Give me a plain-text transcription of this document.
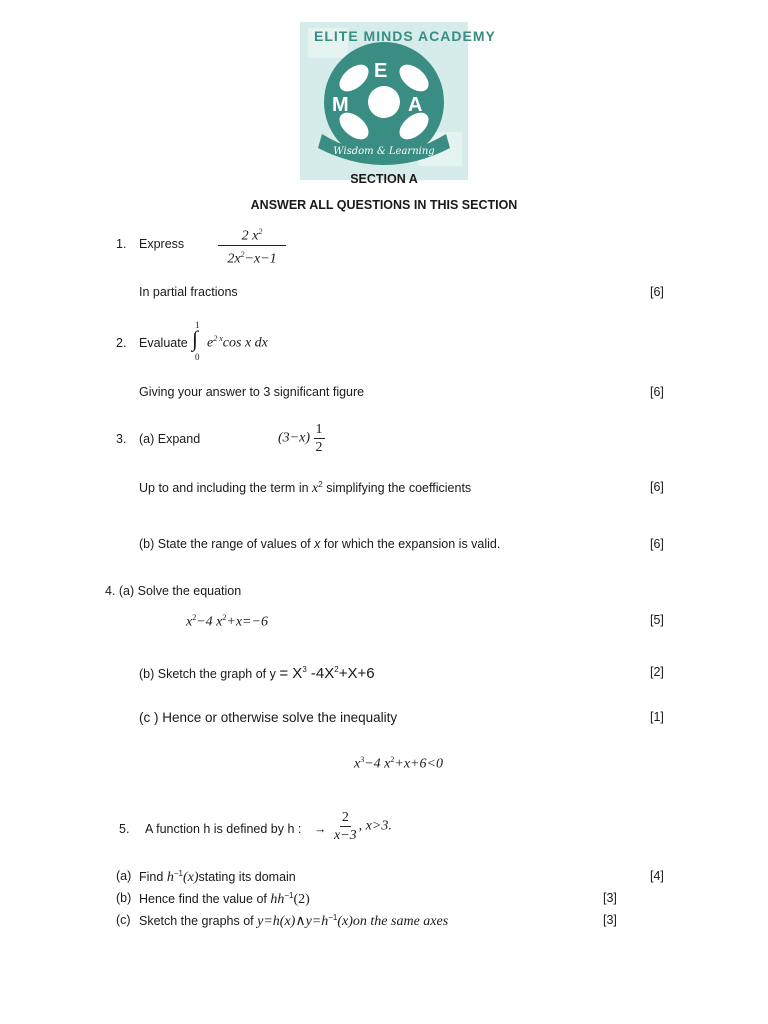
ELITE MINDS ACADEMY
E
M	A
Wisdom & Learning
SECTION A
ANSWER ALL QUESTIONS IN THIS SECTION
1. Express $\frac{2 x^2}{2x^2-x-1}$
In partial fractions	[6]
2. Evaluate
1
∫
0
$e^{2 x}\cos$ x dx
Giving your answer to 3 significant figure	[6]
3. (a) Expand	$(3-x) \frac{1}{2}$
Up to and including the term in $x^2$ simplifying the coefficients	[6]
(b) State the range of values of x for which the expansion is valid.	[6]
4. (a) Solve the equation
$x^2-4$ $x^2+x=-6$	[5]
(b) Sketch the graph of $y = X^3$ $-4X^2+X+6$	[2]
(c ) Hence or otherwise solve the inequality	[1]
$x^3-4$ $x^2+x+6<0$
5. A function h is defined by h : → $\frac{2}{x-3}$ , x>3.
(a) Find $h^{-1}(x)stating$ its domain	[4]
(b) Hence find the value of $hh^{-1}(2)$	[3]
(c) Sketch the graphs of $y=h(x)\wedge y=h^{-1}(x)on$ the same axes	[3]
